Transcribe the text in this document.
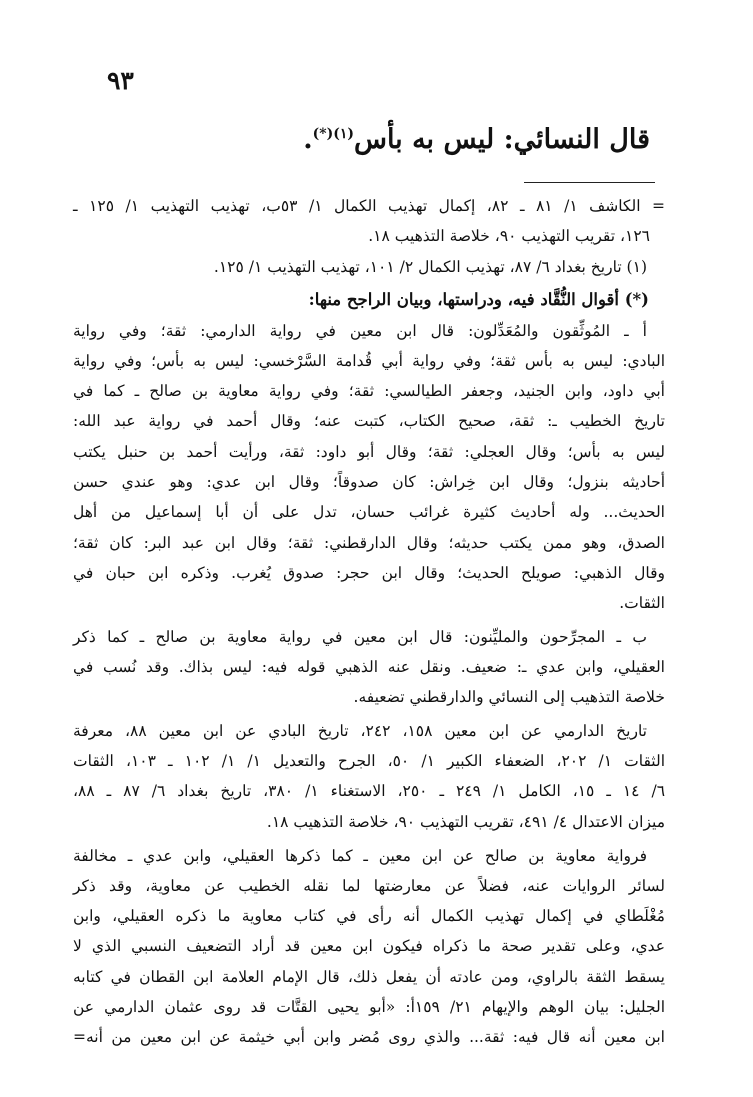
٩٣
قال النسائي: ليس به بأس$^{(١)(*)}$.
= الكاشف ١/ ٨١ ـ ٨٢، إكمال تهذيب الكمال ١/ ٥٣ب، تهذيب التهذيب ١/ ١٢٥ ـ
١٢٦، تقريب التهذيب ٩٠، خلاصة التذهيب ١٨.
(١) تاريخ بغداد ٦/ ٨٧، تهذيب الكمال ٢/ ١٠١، تهذيب التهذيب ١/ ١٢٥.
(*) أقوال النُّقَّاد فيه، ودراستها، وبيان الراجح منها:
أ ـ المُوثِّقون والمُعَدِّلون: قال ابن معين في رواية الدارمي: ثقة؛ وفي رواية
البادي: ليس به بأس ثقة؛ وفي رواية أبي قُدامة السَّرْخسي: ليس به بأس؛ وفي رواية
أبي داود، وابن الجنيد، وجعفر الطيالسي: ثقة؛ وفي رواية معاوية بن صالح ـ كما في
تاريخ الخطيب ـ: ثقة، صحيح الكتاب، كتبت عنه؛ وقال أحمد في رواية عبد الله:
ليس به بأس؛ وقال العجلي: ثقة؛ وقال أبو داود: ثقة، ورأيت أحمد بن حنبل يكتب
أحاديثه بنزول؛ وقال ابن خِراش: كان صدوقاً؛ وقال ابن عدي: وهو عندي حسن
الحديث... وله أحاديث كثيرة غرائب حسان، تدل على أن أبا إسماعيل من أهل
الصدق، وهو ممن يكتب حديثه؛ وقال الدارقطني: ثقة؛ وقال ابن عبد البر: كان ثقة؛
وقال الذهبي: صويلح الحديث؛ وقال ابن حجر: صدوق يُغرب. وذكره ابن حبان في
الثقات.
ب ـ المجرِّحون والمليِّنون: قال ابن معين في رواية معاوية بن صالح ـ كما ذكر
العقيلي، وابن عدي ـ: ضعيف. ونقل عنه الذهبي قوله فيه: ليس بذاك. وقد نُسب في
خلاصة التذهيب إلى النسائي والدارقطني تضعيفه.
تاريخ الدارمي عن ابن معين ١٥٨، ٢٤٢، تاريخ البادي عن ابن معين ٨٨، معرفة
الثقات ١/ ٢٠٢، الضعفاء الكبير ١/ ٥٠، الجرح والتعديل ١/ ١/ ١٠٢ ـ ١٠٣، الثقات
٦/ ١٤ ـ ١٥، الكامل ١/ ٢٤٩ ـ ٢٥٠، الاستغناء ١/ ٣٨٠، تاريخ بغداد ٦/ ٨٧ ـ ٨٨،
ميزان الاعتدال ٤/ ٤٩١، تقريب التهذيب ٩٠، خلاصة التذهيب ١٨.
فرواية معاوية بن صالح عن ابن معين ـ كما ذكرها العقيلي، وابن عدي ـ مخالفة
لسائر الروايات عنه، فضلاً عن معارضتها لما نقله الخطيب عن معاوية، وقد ذكر
مُغْلَطاي في إكمال تهذيب الكمال أنه رأى في كتاب معاوية ما ذكره العقيلي، وابن
عدي، وعلى تقدير صحة ما ذكراه فيكون ابن معين قد أراد التضعيف النسبي الذي لا
يسقط الثقة بالراوي، ومن عادته أن يفعل ذلك، قال الإمام العلامة ابن القطان في كتابه
الجليل: بيان الوهم والإيهام ٢١/ ١٥٩أ: «أبو يحيى القتَّات قد روى عثمان الدارمي عن
ابن معين أنه قال فيه: ثقة... والذي روى مُضر وابن أبي خيثمة عن ابن معين من أنه=
